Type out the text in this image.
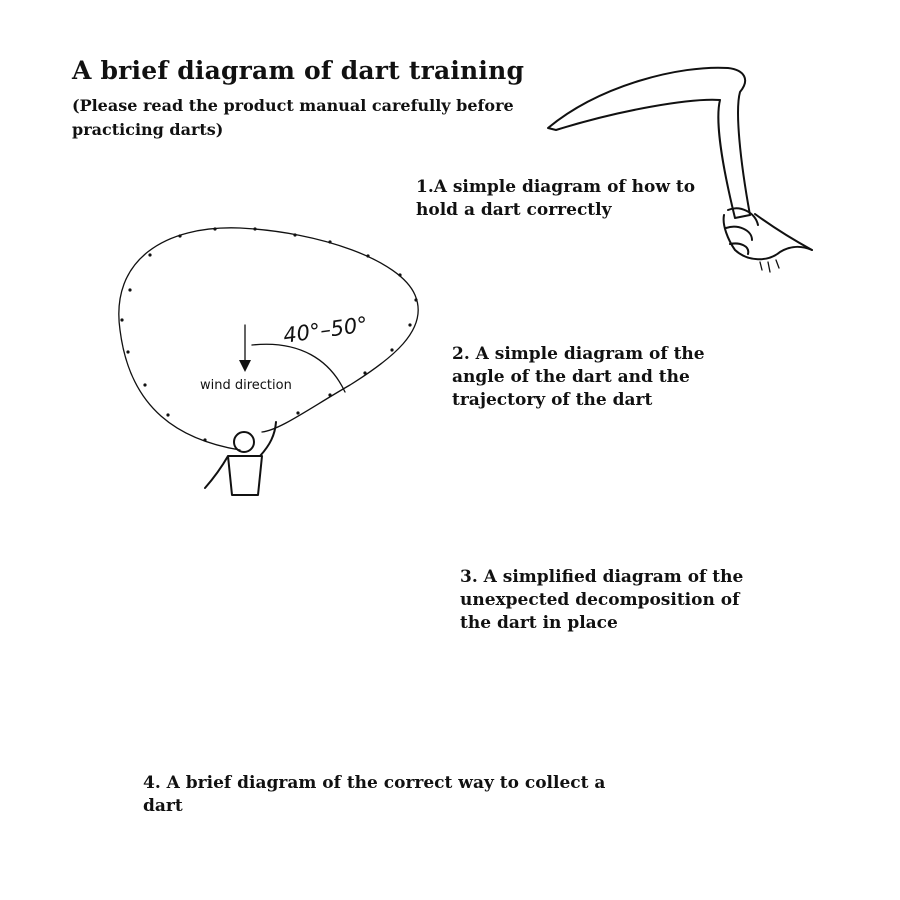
A brief diagram of dart training
(Please read the product manual carefully before practicing darts)
1.A simple diagram of how to hold a dart correctly
2. A simple diagram of the angle of the dart and the trajectory of the dart
3. A simplified diagram of the unexpected decomposition of the dart in place
4. A brief diagram of the correct way to collect a dart
40°–50°
wind direction
